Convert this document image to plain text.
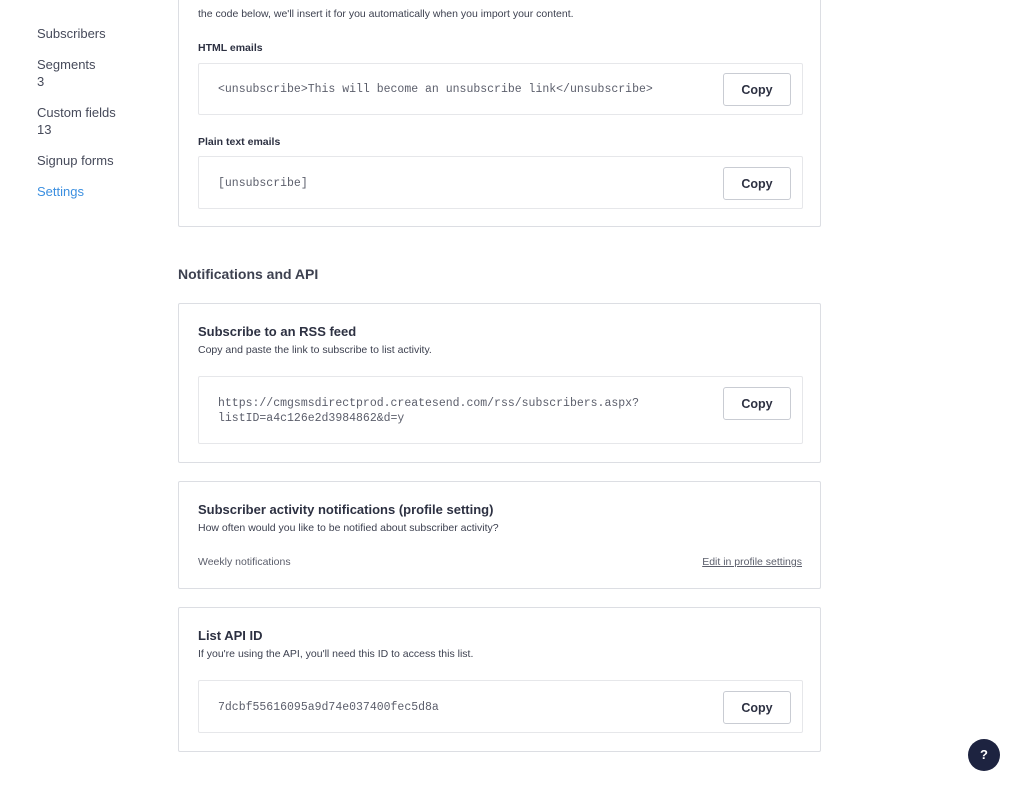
Subscribers
Segments
3
Custom fields
13
Signup forms
Settings
the code below, we'll insert it for you automatically when you import your content.
HTML emails
<unsubscribe>This will become an unsubscribe link</unsubscribe>	Copy
Plain text emails
[unsubscribe]	Copy
Notifications and API
Subscribe to an RSS feed
Copy and paste the link to subscribe to list activity.
https://cmgsmsdirectprod.createsend.com/rss/subscribers.aspx?
listID=a4c126e2d3984862&d=y
Copy
Subscriber activity notifications (profile setting)
How often would you like to be notified about subscriber activity?
Weekly notifications	Edit in profile settings
List API ID
If you're using the API, you'll need this ID to access this list.
7dcbf55616095a9d74e037400fec5d8a	Copy
?
